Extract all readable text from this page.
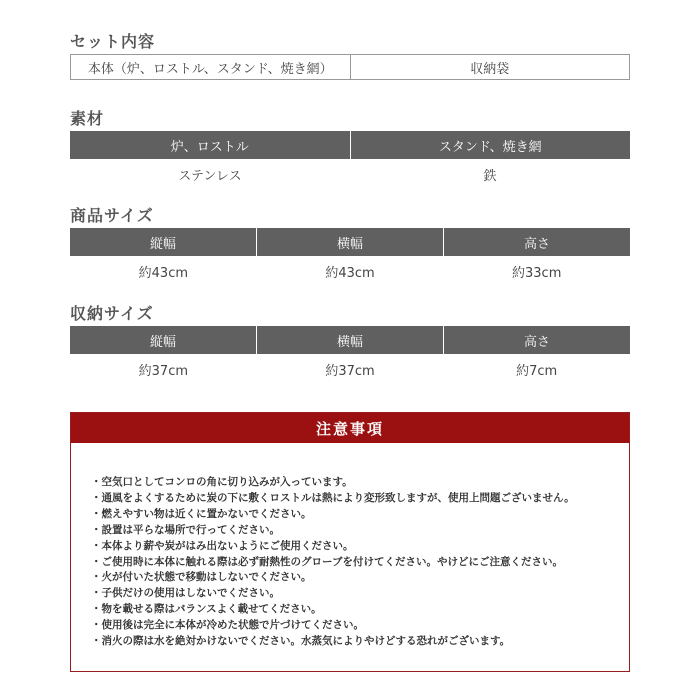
セット内容
本体（炉、ロストル、スタンド、焼き網）	収納袋
素材
炉、ロストル	スタンド、焼き網
ステンレス	鉄
商品サイズ
縦幅	横幅	高さ
約43cm	約43cm	約33cm
収納サイズ
縦幅	横幅	高さ
約37cm	約37cm	約7cm
注意事項
・空気口としてコンロの角に切り込みが入っています。
・通風をよくするために炭の下に敷くロストルは熱により変形致しますが、使用上問題ございません。
・燃えやすい物は近くに置かないでください。
・設置は平らな場所で行ってください。
・本体より薪や炭がはみ出ないようにご使用ください。
・ご使用時に本体に触れる際は必ず耐熱性のグローブを付けてください。やけどにご注意ください。
・火が付いた状態で移動はしないでください。
・子供だけの使用はしないでください。
・物を載せる際はバランスよく載せてください。
・使用後は完全に本体が冷めた状態で片づけてください。
・消火の際は水を絶対かけないでください。水蒸気によりやけどする恐れがございます。
